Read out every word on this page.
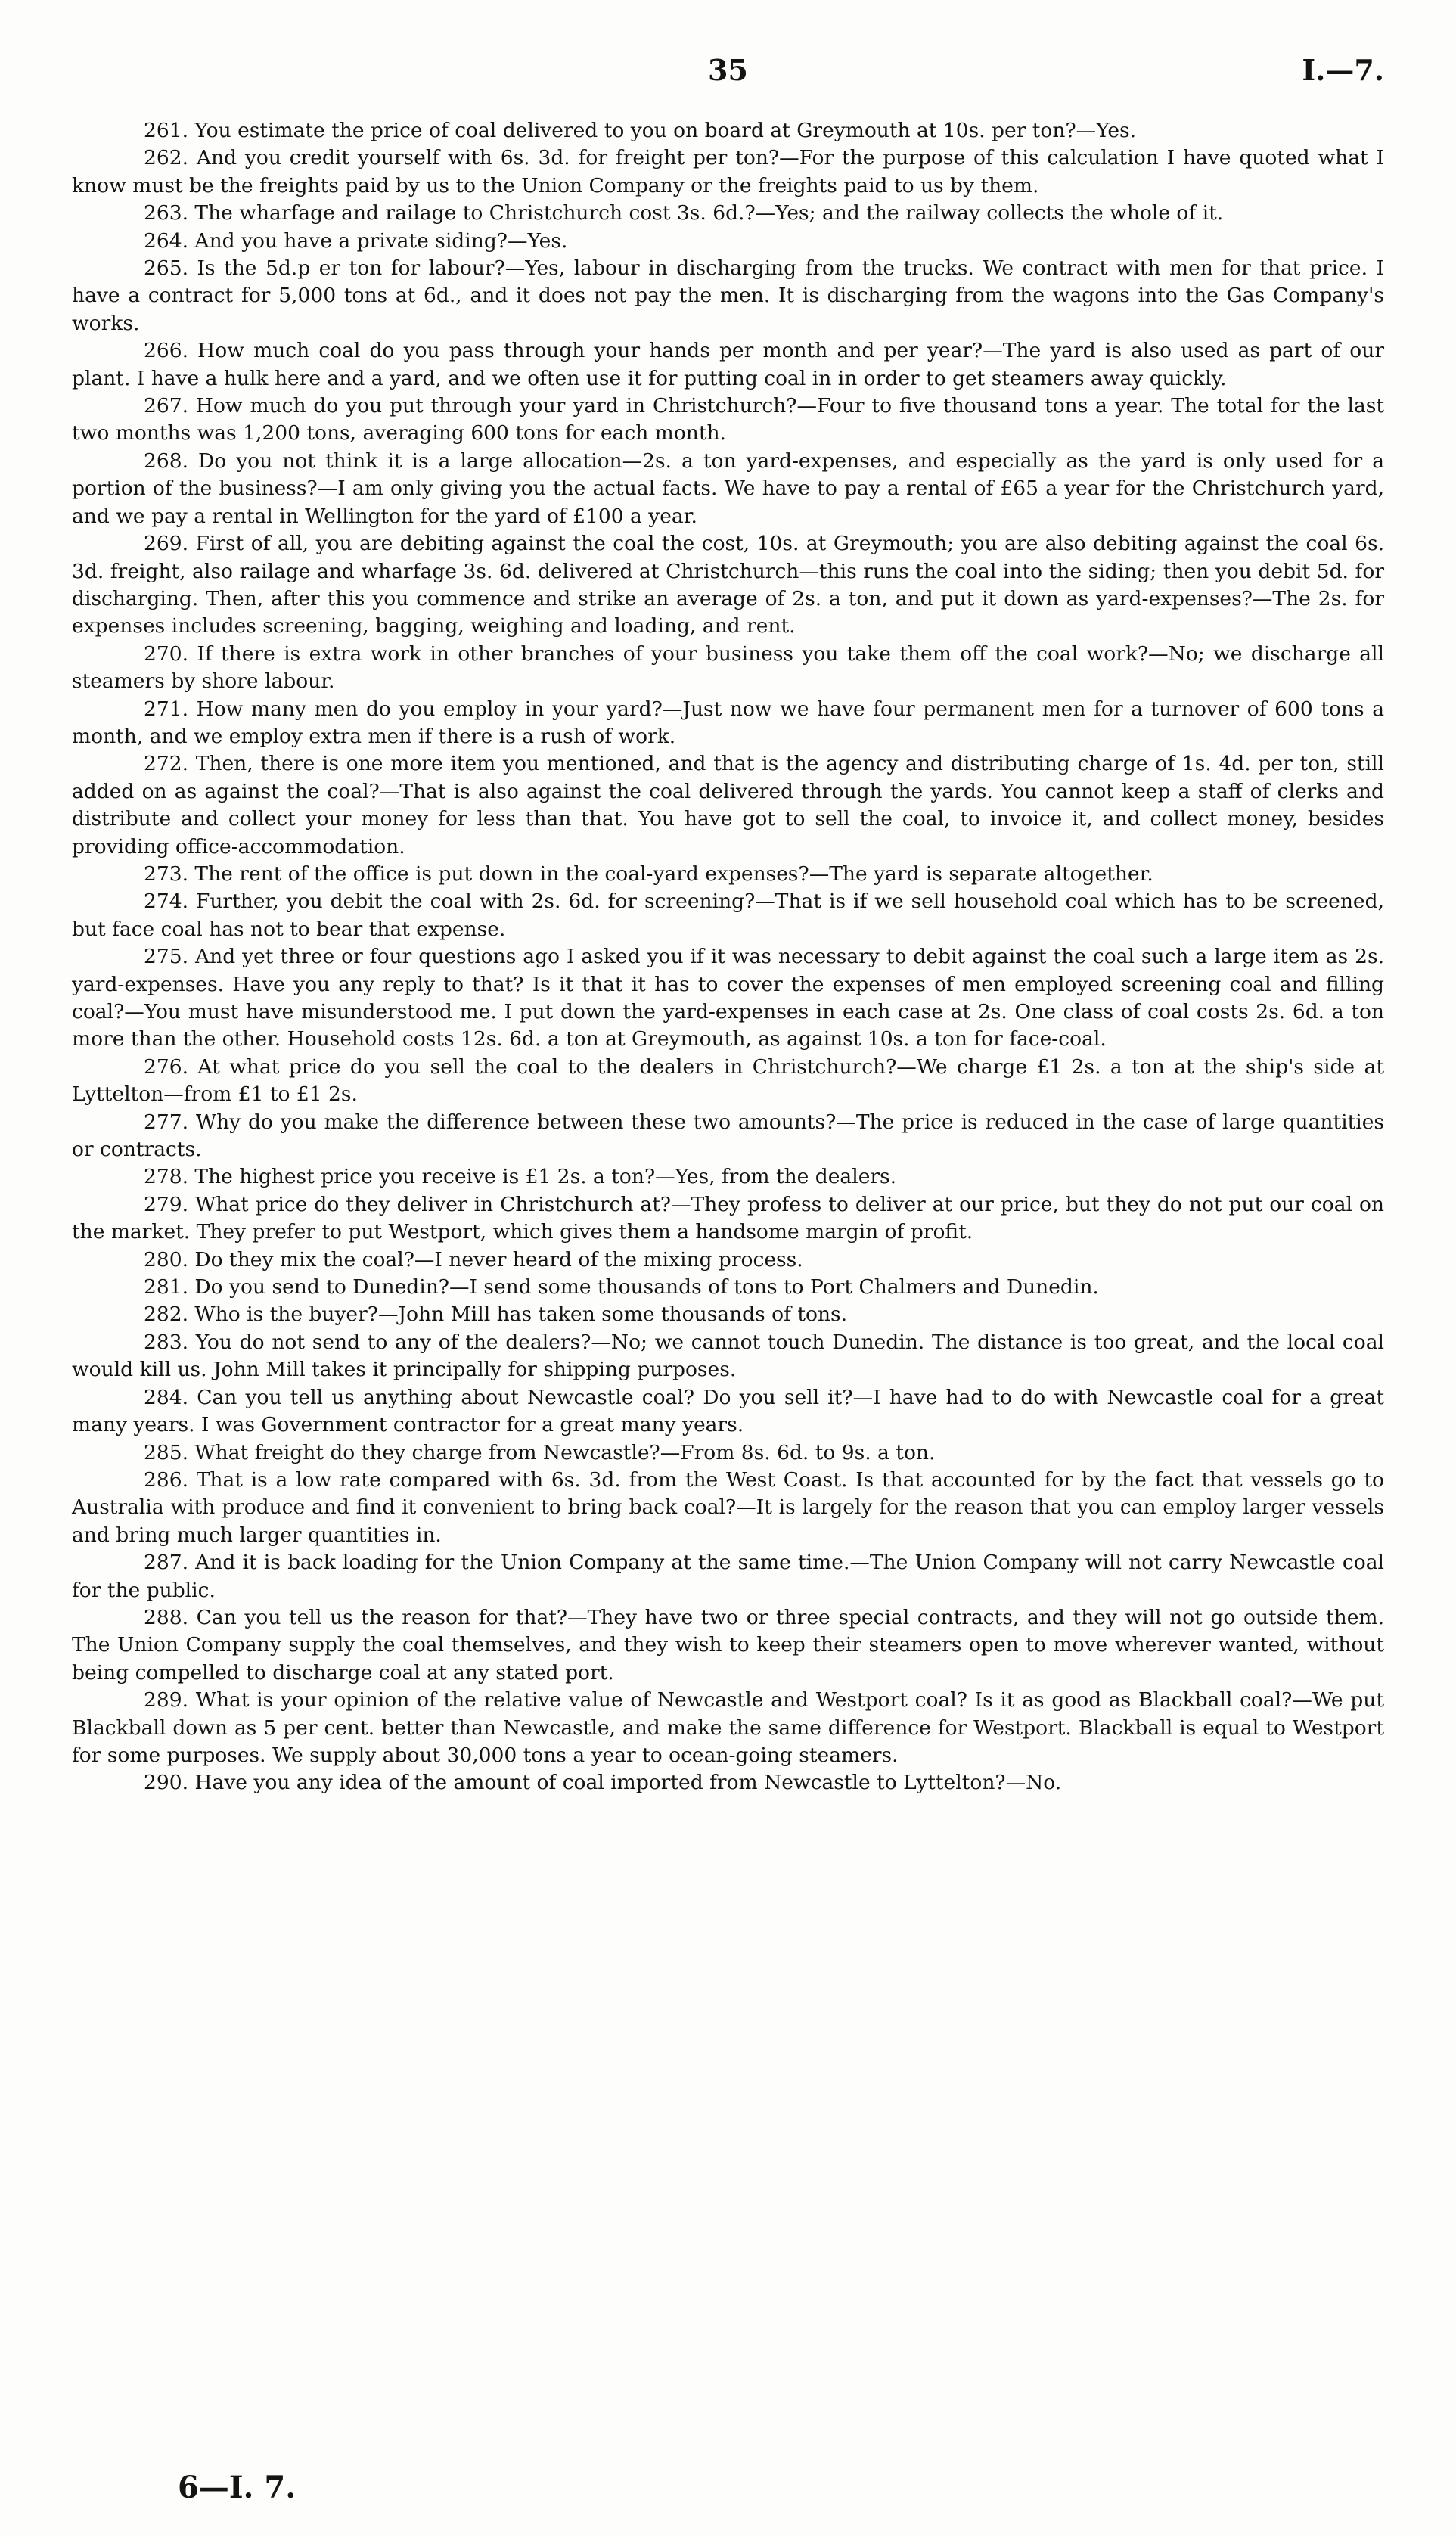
35	I.—7.

261. You estimate the price of coal delivered to you on board at Greymouth at 10s. per ton?—Yes.

262. And you credit yourself with 6s. 3d. for freight per ton?—For the purpose of this calculation I have quoted what I know must be the freights paid by us to the Union Company or the freights paid to us by them.

263. The wharfage and railage to Christchurch cost 3s. 6d.?—Yes; and the railway collects the whole of it.

264. And you have a private siding?—Yes.

265. Is the 5d.p er ton for labour?—Yes, labour in discharging from the trucks. We contract with men for that price. I have a contract for 5,000 tons at 6d., and it does not pay the men. It is discharging from the wagons into the Gas Company's works.

266. How much coal do you pass through your hands per month and per year?—The yard is also used as part of our plant. I have a hulk here and a yard, and we often use it for putting coal in in order to get steamers away quickly.

267. How much do you put through your yard in Christchurch?—Four to five thousand tons a year. The total for the last two months was 1,200 tons, averaging 600 tons for each month.

268. Do you not think it is a large allocation—2s. a ton yard-expenses, and especially as the yard is only used for a portion of the business?—I am only giving you the actual facts. We have to pay a rental of £65 a year for the Christchurch yard, and we pay a rental in Wellington for the yard of £100 a year.

269. First of all, you are debiting against the coal the cost, 10s. at Greymouth; you are also debiting against the coal 6s. 3d. freight, also railage and wharfage 3s. 6d. delivered at Christchurch—this runs the coal into the siding; then you debit 5d. for discharging. Then, after this you commence and strike an average of 2s. a ton, and put it down as yard-expenses?—The 2s. for expenses includes screening, bagging, weighing and loading, and rent.

270. If there is extra work in other branches of your business you take them off the coal work?—No; we discharge all steamers by shore labour.

271. How many men do you employ in your yard?—Just now we have four permanent men for a turnover of 600 tons a month, and we employ extra men if there is a rush of work.

272. Then, there is one more item you mentioned, and that is the agency and distributing charge of 1s. 4d. per ton, still added on as against the coal?—That is also against the coal delivered through the yards. You cannot keep a staff of clerks and distribute and collect your money for less than that. You have got to sell the coal, to invoice it, and collect money, besides providing office-accommodation.

273. The rent of the office is put down in the coal-yard expenses?—The yard is separate altogether.

274. Further, you debit the coal with 2s. 6d. for screening?—That is if we sell household coal which has to be screened, but face coal has not to bear that expense.

275. And yet three or four questions ago I asked you if it was necessary to debit against the coal such a large item as 2s. yard-expenses. Have you any reply to that? Is it that it has to cover the expenses of men employed screening coal and filling coal?—You must have misunderstood me. I put down the yard-expenses in each case at 2s. One class of coal costs 2s. 6d. a ton more than the other. Household costs 12s. 6d. a ton at Greymouth, as against 10s. a ton for face-coal.

276. At what price do you sell the coal to the dealers in Christchurch?—We charge £1 2s. a ton at the ship's side at Lyttelton—from £1 to £1 2s.

277. Why do you make the difference between these two amounts?—The price is reduced in the case of large quantities or contracts.

278. The highest price you receive is £1 2s. a ton?—Yes, from the dealers.

279. What price do they deliver in Christchurch at?—They profess to deliver at our price, but they do not put our coal on the market. They prefer to put Westport, which gives them a handsome margin of profit.

280. Do they mix the coal?—I never heard of the mixing process.

281. Do you send to Dunedin?—I send some thousands of tons to Port Chalmers and Dunedin.

282. Who is the buyer?—John Mill has taken some thousands of tons.

283. You do not send to any of the dealers?—No; we cannot touch Dunedin. The distance is too great, and the local coal would kill us. John Mill takes it principally for shipping purposes.

284. Can you tell us anything about Newcastle coal? Do you sell it?—I have had to do with Newcastle coal for a great many years. I was Government contractor for a great many years.

285. What freight do they charge from Newcastle?—From 8s. 6d. to 9s. a ton.

286. That is a low rate compared with 6s. 3d. from the West Coast. Is that accounted for by the fact that vessels go to Australia with produce and find it convenient to bring back coal?—It is largely for the reason that you can employ larger vessels and bring much larger quantities in.

287. And it is back loading for the Union Company at the same time.—The Union Company will not carry Newcastle coal for the public.

288. Can you tell us the reason for that?—They have two or three special contracts, and they will not go outside them. The Union Company supply the coal themselves, and they wish to keep their steamers open to move wherever wanted, without being compelled to discharge coal at any stated port.

289. What is your opinion of the relative value of Newcastle and Westport coal? Is it as good as Blackball coal?—We put Blackball down as 5 per cent. better than Newcastle, and make the same difference for Westport. Blackball is equal to Westport for some purposes. We supply about 30,000 tons a year to ocean-going steamers.

290. Have you any idea of the amount of coal imported from Newcastle to Lyttelton?—No.

6—I. 7.
